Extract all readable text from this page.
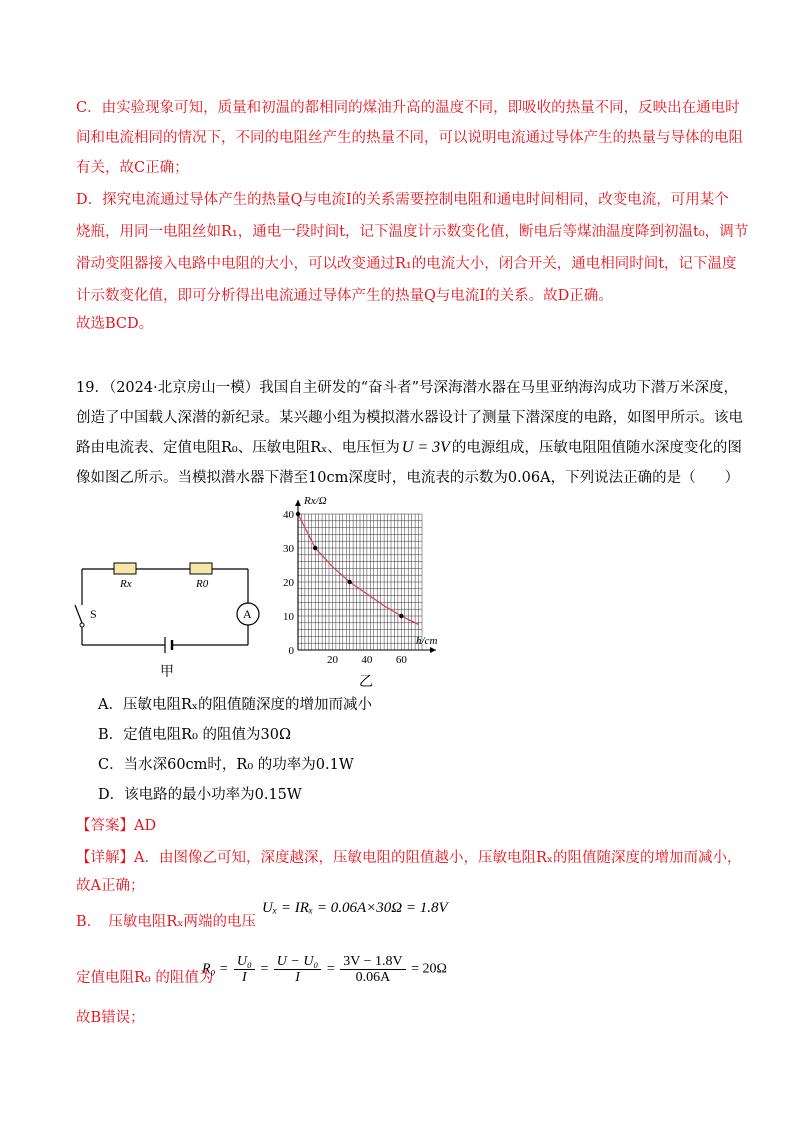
C．由实验现象可知，质量和初温的都相同的煤油升高的温度不同，即吸收的热量不同，反映出在通电时
间和电流相同的情况下，不同的电阻丝产生的热量不同，可以说明电流通过导体产生的热量与导体的电阻
有关，故C正确；
D．探究电流通过导体产生的热量Q与电流I的关系需要控制电阻和通电时间相同，改变电流，可用某个
烧瓶，用同一电阻丝如R₁，通电一段时间t，记下温度计示数变化值，断电后等煤油温度降到初温t₀，调节
滑动变阻器接入电路中电阻的大小，可以改变通过R₁的电流大小，闭合开关，通电相同时间t，记下温度
计示数变化值，即可分析得出电流通过导体产生的热量Q与电流I的关系。故D正确。
故选BCD。
19．（2024·北京房山一模）我国自主研发的“奋斗者”号深海潜水器在马里亚纳海沟成功下潜万米深度，
创造了中国载人深潜的新纪录。某兴趣小组为模拟潜水器设计了测量下潜深度的电路，如图甲所示。该电
路由电流表、定值电阻R₀、压敏电阻Rₓ、电压恒为 U = 3V 的电源组成，压敏电阻阻值随水深度变化的图
像如图乙所示。当模拟潜水器下潜至10cm深度时，电流表的示数为0.06A，下列说法正确的是（　　）
Rx	R0
A
S
甲
10
20
30
40
20 40 60
0
Rx/Ω
h/cm
乙
A．压敏电阻Rₓ的阻值随深度的增加而减小
B．定值电阻R₀ 的阻值为30Ω
C．当水深60cm时，R₀ 的功率为0.1W
D．该电路的最小功率为0.15W
【答案】AD
【详解】A．由图像乙可知，深度越深，压敏电阻的阻值越小，压敏电阻Rₓ的阻值随深度的增加而减小，
故A正确；
B．　压敏电阻Rₓ两端的电压
Uₓ = IRₓ = 0.06A×30Ω = 1.8V
定值电阻R₀ 的阻值为
$R_0 = \frac{\text{U₀}}{I} = \frac{\text{U − U₀}}{I} = \frac{3V - 1.8V}{0.06A} = 20\Omega$
故B错误；
